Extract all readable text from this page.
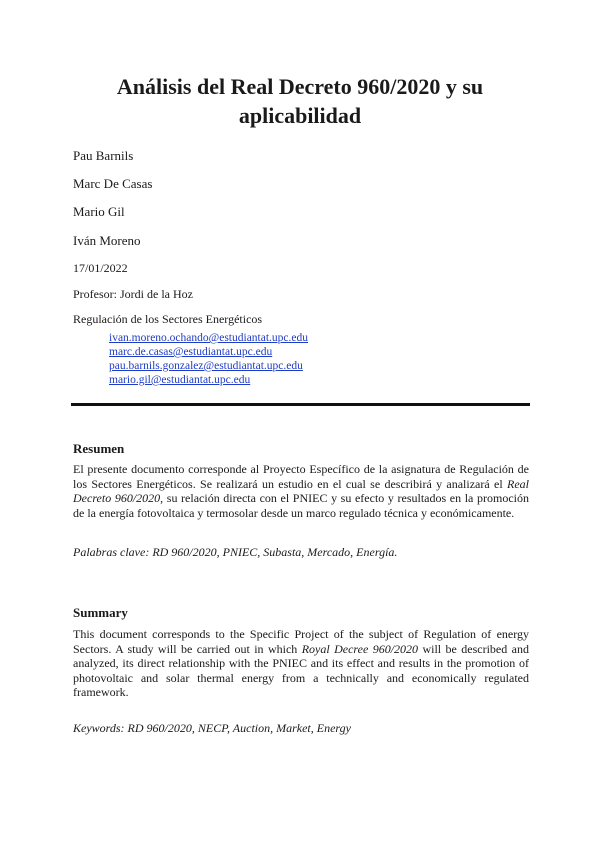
Análisis del Real Decreto 960/2020 y su aplicabilidad

Pau Barnils

Marc De Casas

Mario Gil

Iván Moreno

17/01/2022

Profesor: Jordi de la Hoz

Regulación de los Sectores Energéticos

ivan.moreno.ochando@estudiantat.upc.edu
marc.de.casas@estudiantat.upc.edu
pau.barnils.gonzalez@estudiantat.upc.edu
mario.gil@estudiantat.upc.edu
Resumen

El presente documento corresponde al Proyecto Específico de la asignatura de Regulación de los Sectores Energéticos. Se realizará un estudio en el cual se describirá y analizará el Real Decreto 960/2020, su relación directa con el PNIEC y su efecto y resultados en la promoción de la energía fotovoltaica y termosolar desde un marco regulado técnica y económicamente.

Palabras clave: RD 960/2020, PNIEC, Subasta, Mercado, Energía.

Summary

This document corresponds to the Specific Project of the subject of Regulation of energy Sectors. A study will be carried out in which Royal Decree 960/2020 will be described and analyzed, its direct relationship with the PNIEC and its effect and results in the promotion of photovoltaic and solar thermal energy from a technically and economically regulated framework.

Keywords: RD 960/2020, NECP, Auction, Market, Energy
